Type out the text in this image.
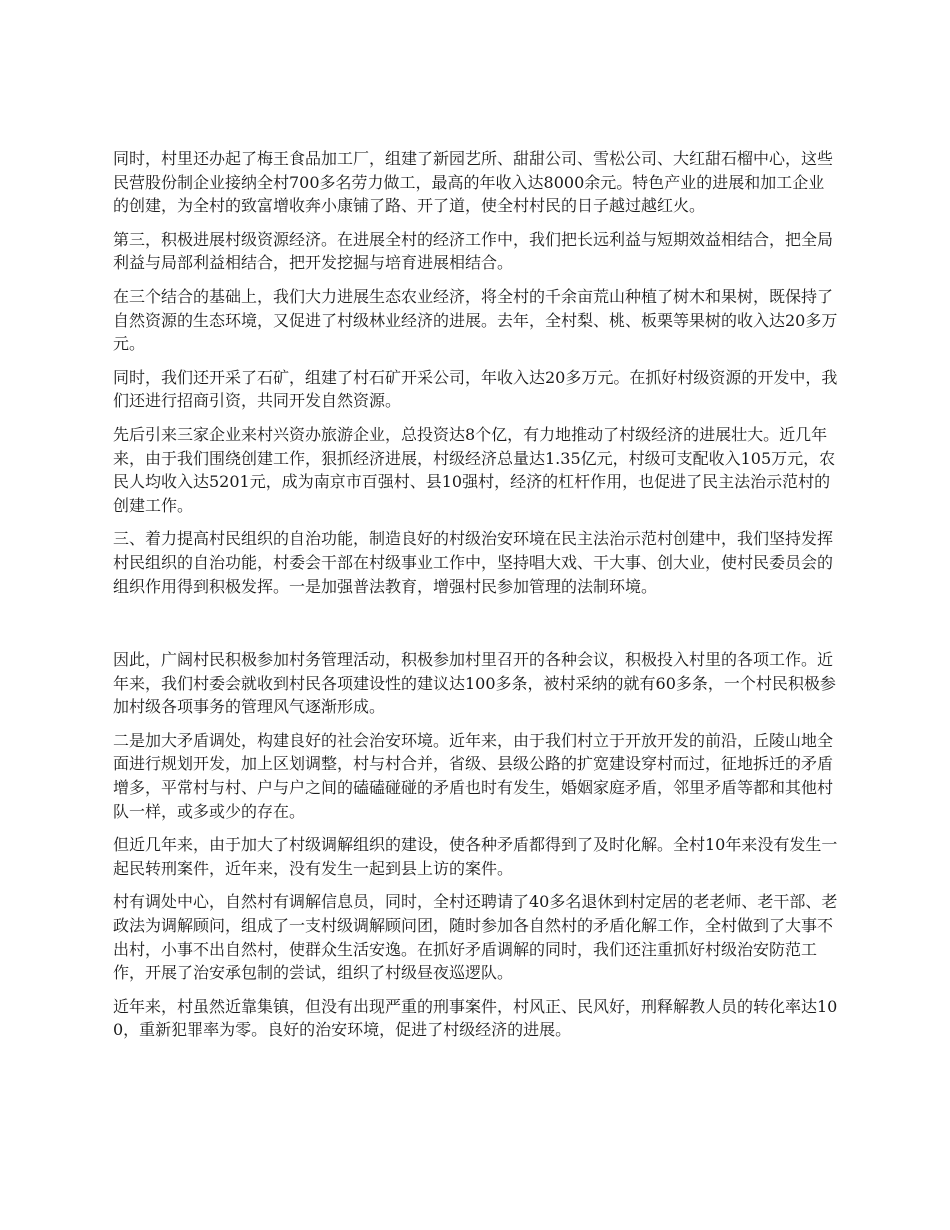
同时，村里还办起了梅王食品加工厂，组建了新园艺所、甜甜公司、雪松公司、大红甜石榴中心，这些民营股份制企业接纳全村700多名劳力做工，最高的年收入达8000余元。特色产业的进展和加工企业的创建，为全村的致富增收奔小康铺了路、开了道，使全村村民的日子越过越红火。

第三，积极进展村级资源经济。在进展全村的经济工作中，我们把长远利益与短期效益相结合，把全局利益与局部利益相结合，把开发挖掘与培育进展相结合。

在三个结合的基础上，我们大力进展生态农业经济，将全村的千余亩荒山种植了树木和果树，既保持了自然资源的生态环境，又促进了村级林业经济的进展。去年，全村梨、桃、板栗等果树的收入达20多万元。

同时，我们还开采了石矿，组建了村石矿开采公司，年收入达20多万元。在抓好村级资源的开发中，我们还进行招商引资，共同开发自然资源。

先后引来三家企业来村兴资办旅游企业，总投资达8个亿，有力地推动了村级经济的进展壮大。近几年来，由于我们围绕创建工作，狠抓经济进展，村级经济总量达1.35亿元，村级可支配收入105万元，农民人均收入达5201元，成为南京市百强村、县10强村，经济的杠杆作用，也促进了民主法治示范村的创建工作。

三、着力提高村民组织的自治功能，制造良好的村级治安环境在民主法治示范村创建中，我们坚持发挥村民组织的自治功能，村委会干部在村级事业工作中，坚持唱大戏、干大事、创大业，使村民委员会的组织作用得到积极发挥。一是加强普法教育，增强村民参加管理的法制环境。

因此，广阔村民积极参加村务管理活动，积极参加村里召开的各种会议，积极投入村里的各项工作。近年来，我们村委会就收到村民各项建设性的建议达100多条，被村采纳的就有60多条，一个村民积极参加村级各项事务的管理风气逐渐形成。

二是加大矛盾调处，构建良好的社会治安环境。近年来，由于我们村立于开放开发的前沿，丘陵山地全面进行规划开发，加上区划调整，村与村合并，省级、县级公路的扩宽建设穿村而过，征地拆迁的矛盾增多，平常村与村、户与户之间的磕磕碰碰的矛盾也时有发生，婚姻家庭矛盾，邻里矛盾等都和其他村队一样，或多或少的存在。

但近几年来，由于加大了村级调解组织的建设，使各种矛盾都得到了及时化解。全村10年来没有发生一起民转刑案件，近年来，没有发生一起到县上访的案件。

村有调处中心，自然村有调解信息员，同时，全村还聘请了40多名退休到村定居的老老师、老干部、老政法为调解顾问，组成了一支村级调解顾问团，随时参加各自然村的矛盾化解工作，全村做到了大事不出村，小事不出自然村，使群众生活安逸。在抓好矛盾调解的同时，我们还注重抓好村级治安防范工作，开展了治安承包制的尝试，组织了村级昼夜巡逻队。

近年来，村虽然近靠集镇，但没有出现严重的刑事案件，村风正、民风好，刑释解教人员的转化率达100，重新犯罪率为零。良好的治安环境，促进了村级经济的进展。
